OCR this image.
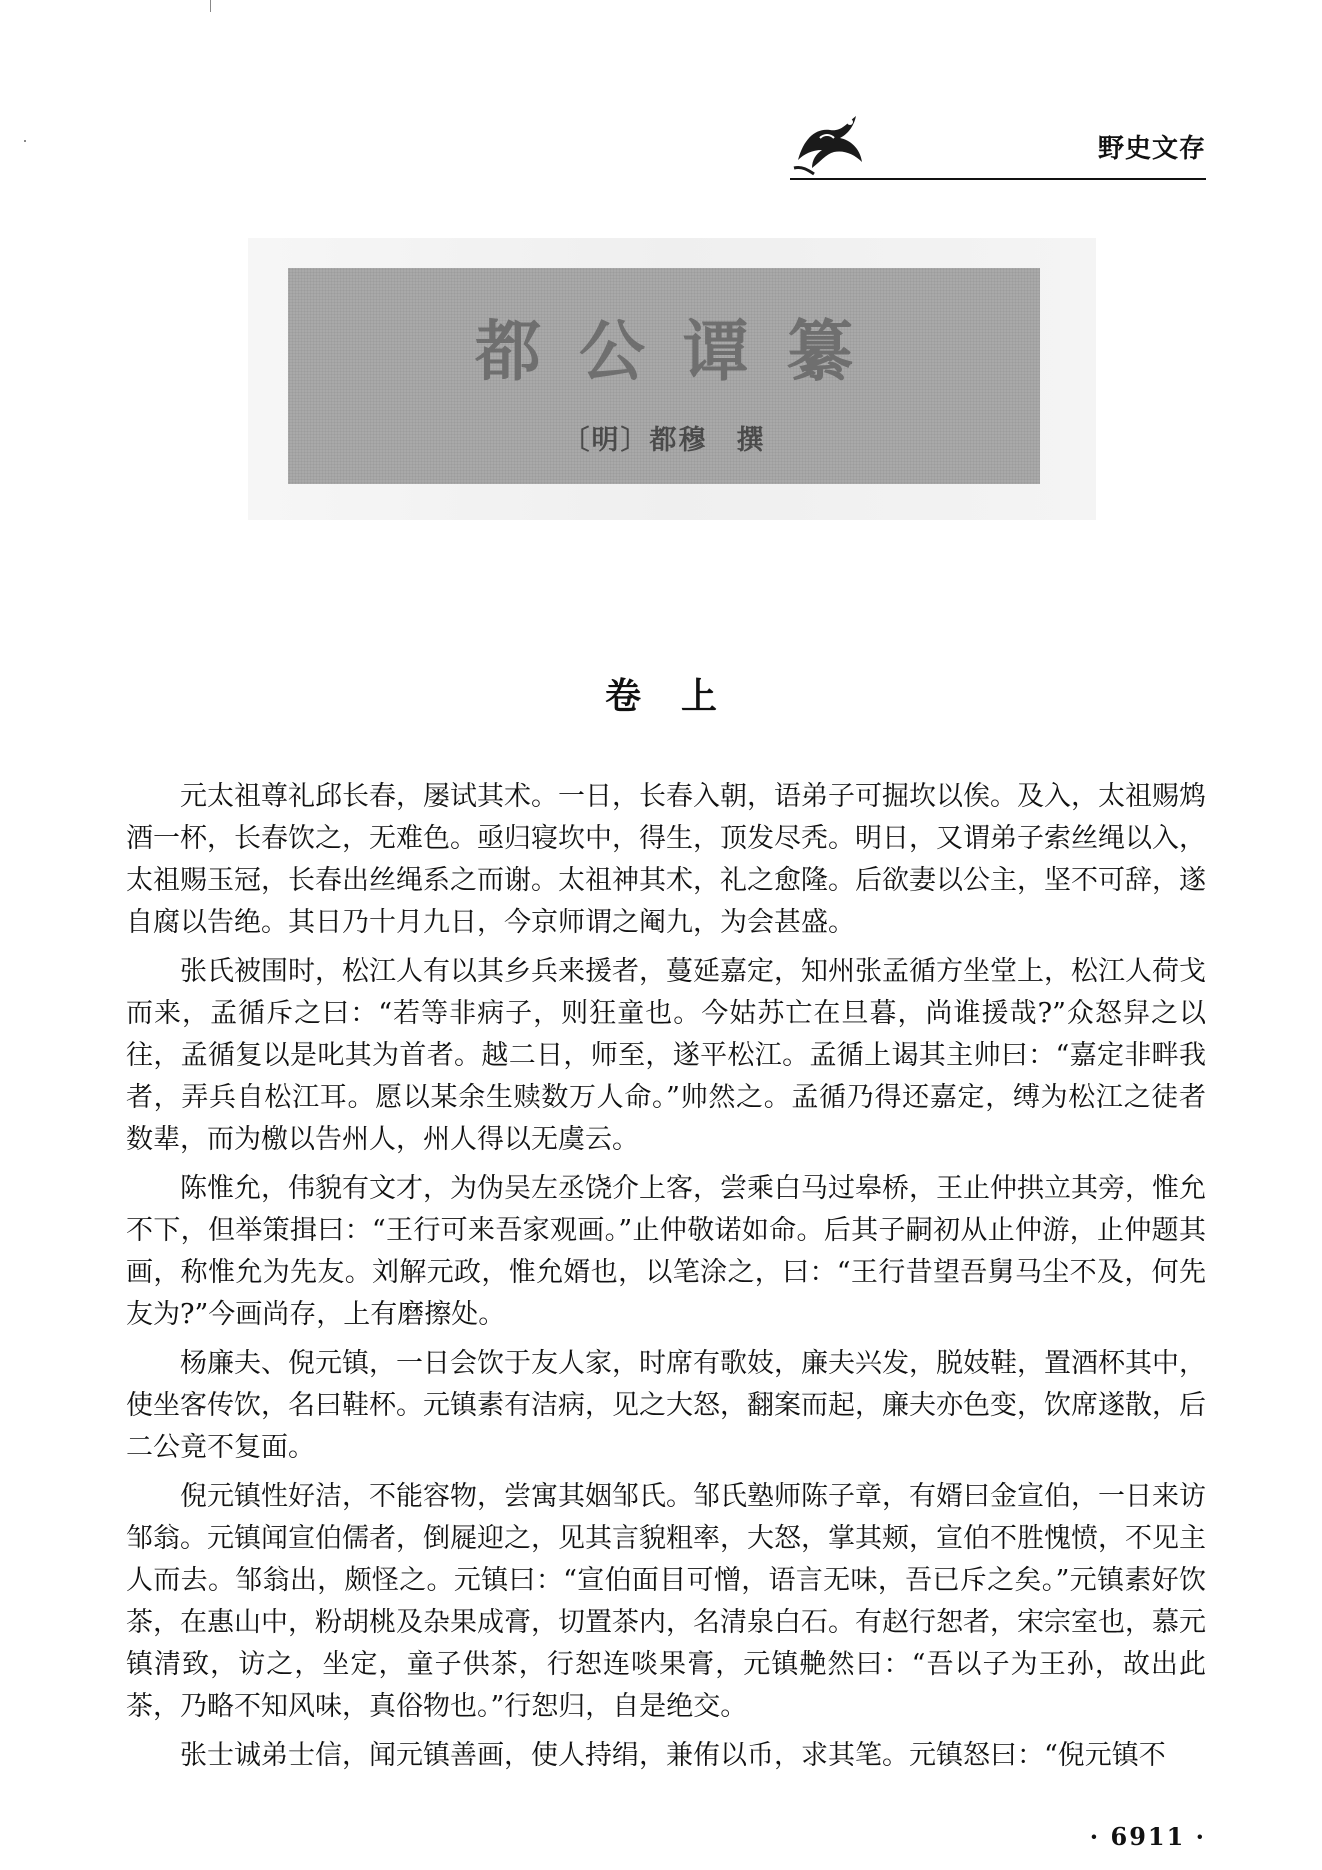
野史文存
都公谭纂
〔明〕都穆　撰
卷上

元太祖尊礼邱长春，屡试其术。一日，长春入朝，语弟子可掘坎以俟。及入，太祖赐鸩酒一杯，长春饮之，无难色。亟归寝坎中，得生，顶发尽秃。明日，又谓弟子索丝绳以入，太祖赐玉冠，长春出丝绳系之而谢。太祖神其术，礼之愈隆。后欲妻以公主，坚不可辞，遂自腐以告绝。其日乃十月九日，今京师谓之阉九，为会甚盛。

张氏被围时，松江人有以其乡兵来援者，蔓延嘉定，知州张孟循方坐堂上，松江人荷戈而来，孟循斥之曰：“若等非病子，则狂童也。今姑苏亡在旦暮，尚谁援哉?”众怒舁之以往，孟循复以是叱其为首者。越二日，师至，遂平松江。孟循上谒其主帅曰：“嘉定非畔我者，弄兵自松江耳。愿以某余生赎数万人命。”帅然之。孟循乃得还嘉定，缚为松江之徒者数辈，而为檄以告州人，州人得以无虞云。

陈惟允，伟貌有文才，为伪吴左丞饶介上客，尝乘白马过皋桥，王止仲拱立其旁，惟允不下，但举策揖曰：“王行可来吾家观画。”止仲敬诺如命。后其子嗣初从止仲游，止仲题其画，称惟允为先友。刘解元政，惟允婿也，以笔涂之，曰：“王行昔望吾舅马尘不及，何先友为?”今画尚存，上有磨擦处。

杨廉夫、倪元镇，一日会饮于友人家，时席有歌妓，廉夫兴发，脱妓鞋，置酒杯其中，使坐客传饮，名曰鞋杯。元镇素有洁病，见之大怒，翻案而起，廉夫亦色变，饮席遂散，后二公竟不复面。

倪元镇性好洁，不能容物，尝寓其姻邹氏。邹氏塾师陈子章，有婿曰金宣伯，一日来访邹翁。元镇闻宣伯儒者，倒屣迎之，见其言貌粗率，大怒，掌其颊，宣伯不胜愧愤，不见主人而去。邹翁出，颇怪之。元镇曰：“宣伯面目可憎，语言无味，吾已斥之矣。”元镇素好饮茶，在惠山中，粉胡桃及杂果成膏，切置茶内，名清泉白石。有赵行恕者，宋宗室也，慕元镇清致，访之，坐定，童子供茶，行恕连啖果膏，元镇艴然曰：“吾以子为王孙，故出此茶，乃略不知风味，真俗物也。”行恕归，自是绝交。

张士诚弟士信，闻元镇善画，使人持绢，兼侑以币，求其笔。元镇怒曰：“倪元镇不

· 6911 ·
